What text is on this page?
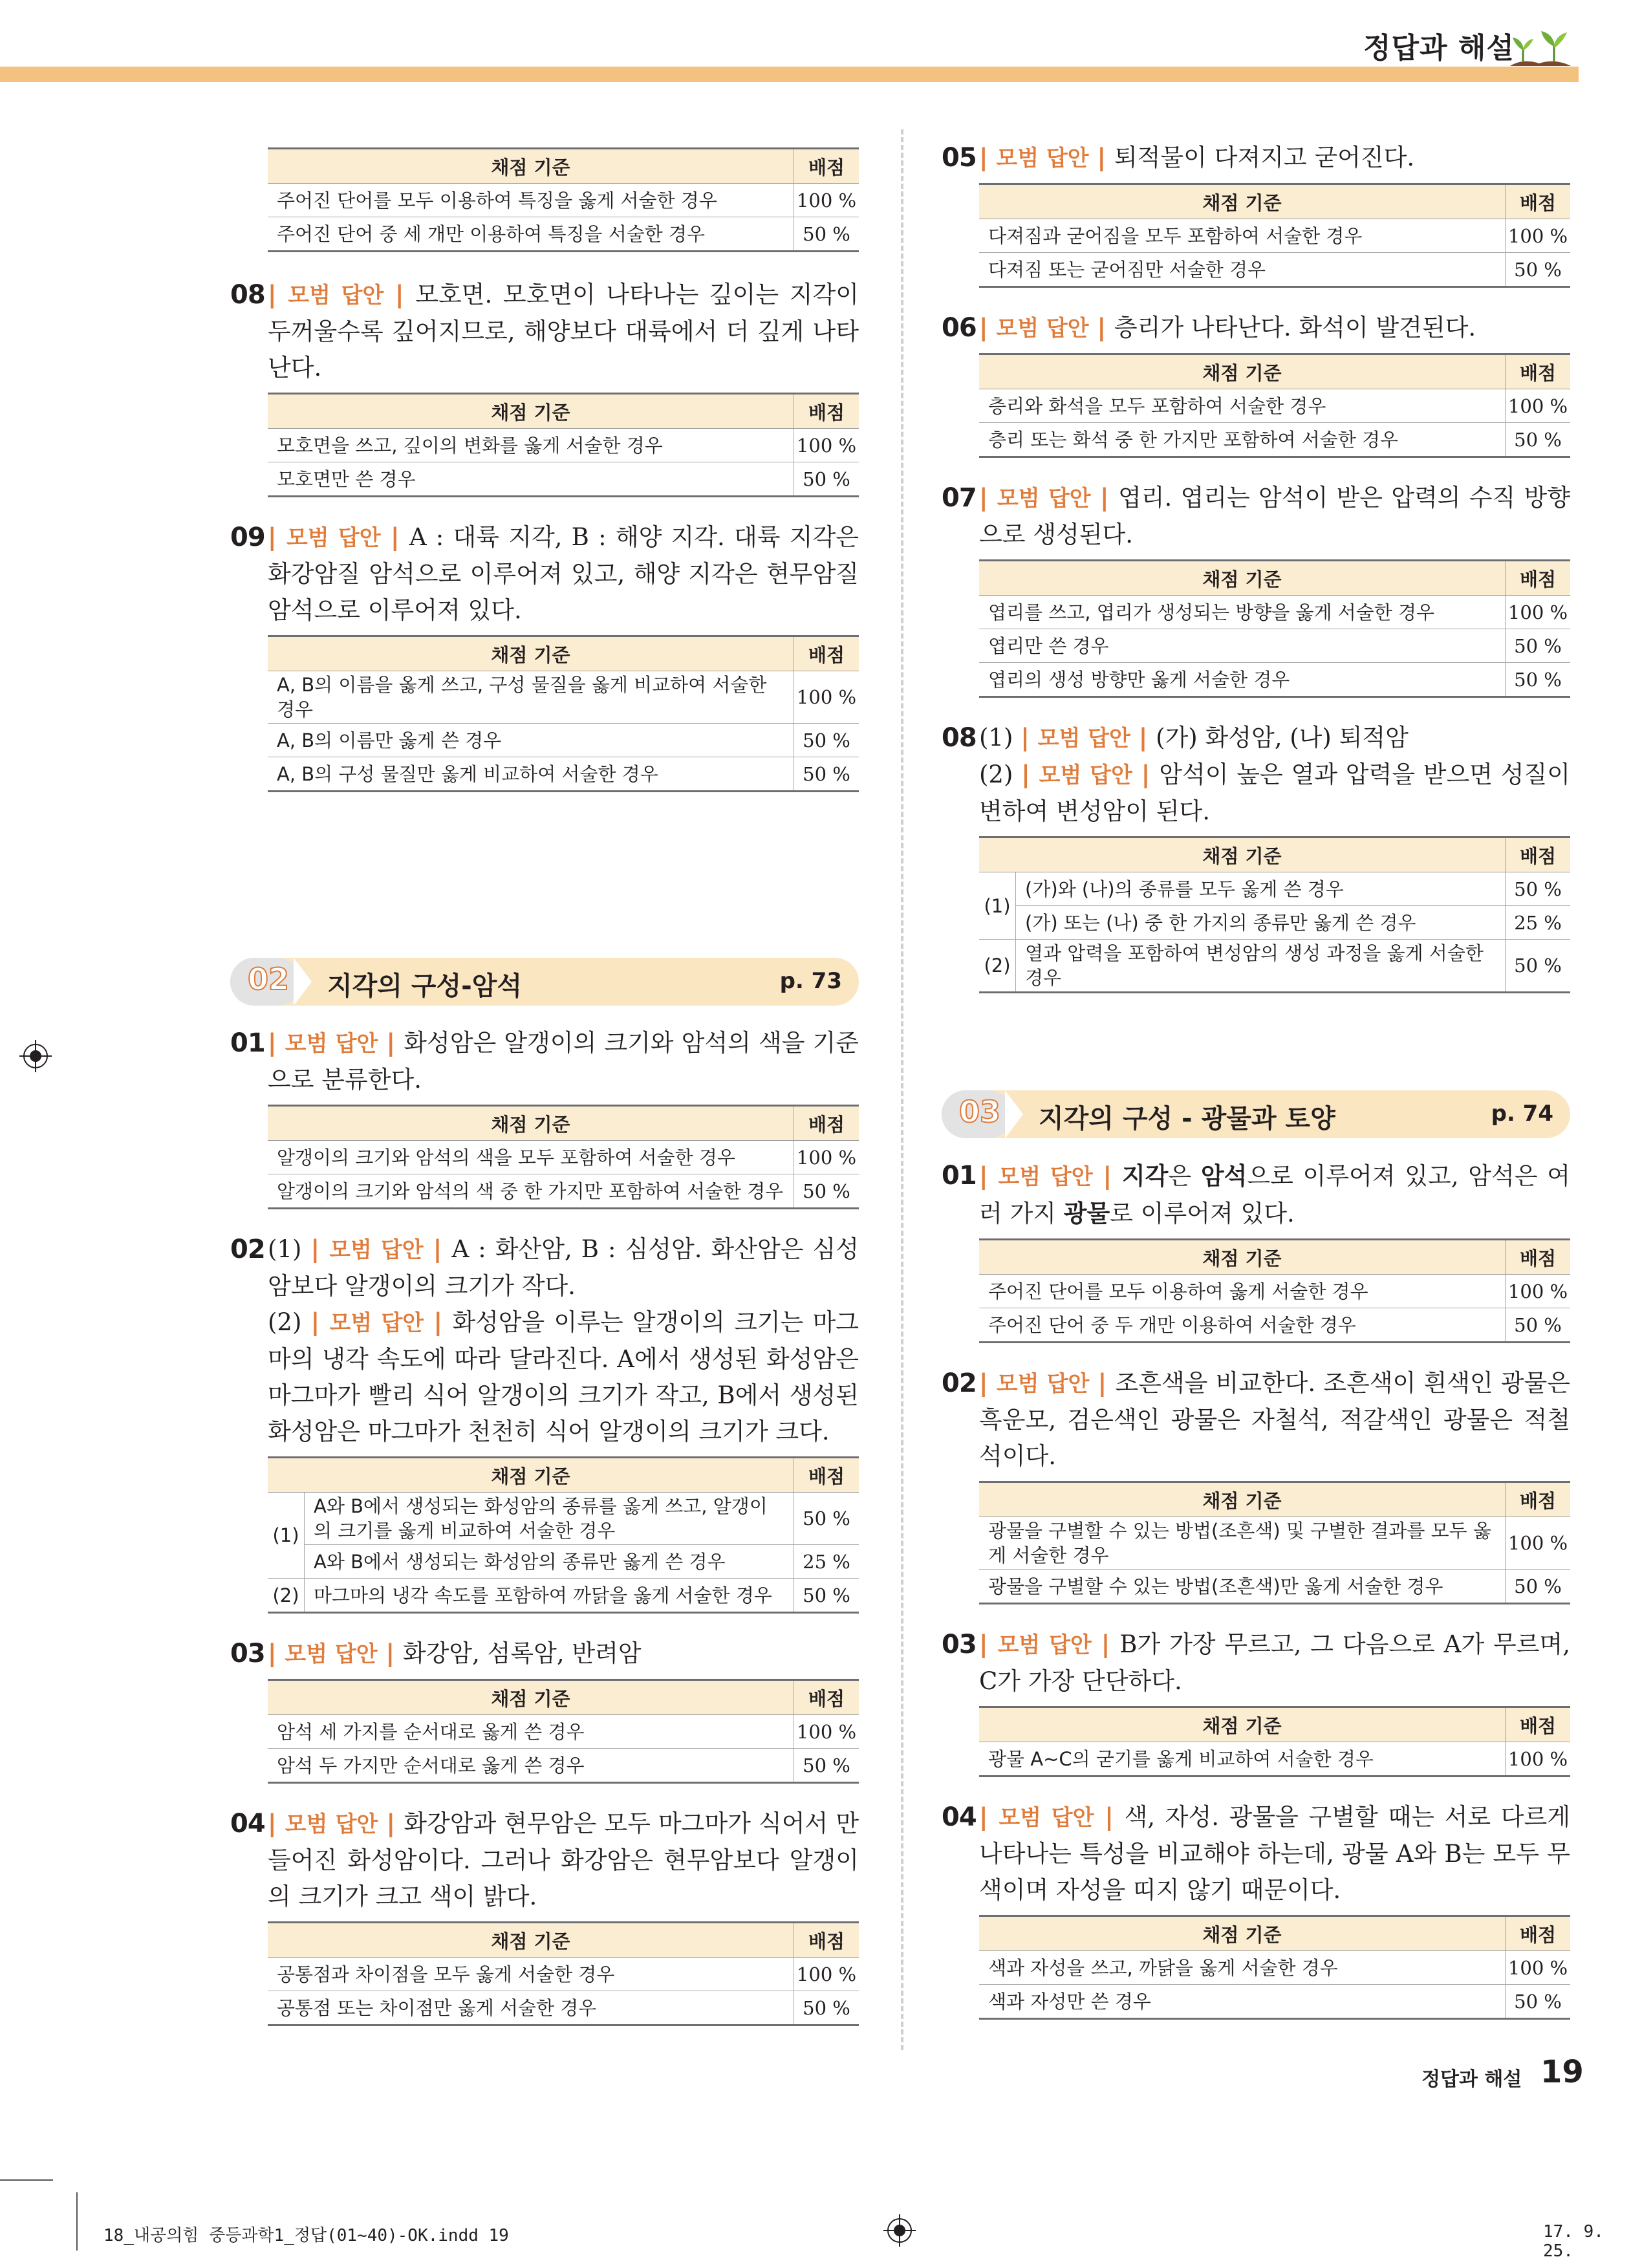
정답과 해설
채점 기준	배점
주어진 단어를 모두 이용하여 특징을 옳게 서술한 경우	100 %
주어진 단어 중 세 개만 이용하여 특징을 서술한 경우	50 %
08 | 모범 답안 | 모호면. 모호면이 나타나는 깊이는 지각이 두꺼울수록 깊어지므로, 해양보다 대륙에서 더 깊게 나타난다.
채점 기준	배점
모호면을 쓰고, 깊이의 변화를 옳게 서술한 경우	100 %
모호면만 쓴 경우	50 %
09 | 모범 답안 | A : 대륙 지각, B : 해양 지각. 대륙 지각은 화강암질 암석으로 이루어져 있고, 해양 지각은 현무암질 암석으로 이루어져 있다.
채점 기준	배점
A, B의 이름을 옳게 쓰고, 구성 물질을 옳게 비교하여 서술한 경우	100 %
A, B의 이름만 옳게 쓴 경우	50 %
A, B의 구성 물질만 옳게 비교하여 서술한 경우	50 %
02	지각의 구성-암석	p. 73
01 | 모범 답안 | 화성암은 알갱이의 크기와 암석의 색을 기준으로 분류한다.
채점 기준	배점
알갱이의 크기와 암석의 색을 모두 포함하여 서술한 경우	100 %
알갱이의 크기와 암석의 색 중 한 가지만 포함하여 서술한 경우	50 %
02 (1) | 모범 답안 | A : 화산암, B : 심성암. 화산암은 심성암보다 알갱이의 크기가 작다.
(2) | 모범 답안 | 화성암을 이루는 알갱이의 크기는 마그마의 냉각 속도에 따라 달라진다. A에서 생성된 화성암은 마그마가 빨리 식어 알갱이의 크기가 작고, B에서 생성된 화성암은 마그마가 천천히 식어 알갱이의 크기가 크다.
채점 기준		배점
(1)	A와 B에서 생성되는 화성암의 종류를 옳게 쓰고, 알갱이의 크기를 옳게 비교하여 서술한 경우	50 %
	A와 B에서 생성되는 화성암의 종류만 옳게 쓴 경우	25 %
(2)	마그마의 냉각 속도를 포함하여 까닭을 옳게 서술한 경우	50 %
03 | 모범 답안 | 화강암, 섬록암, 반려암
채점 기준	배점
암석 세 가지를 순서대로 옳게 쓴 경우	100 %
암석 두 가지만 순서대로 옳게 쓴 경우	50 %
04 | 모범 답안 | 화강암과 현무암은 모두 마그마가 식어서 만들어진 화성암이다. 그러나 화강암은 현무암보다 알갱이의 크기가 크고 색이 밝다.
채점 기준	배점
공통점과 차이점을 모두 옳게 서술한 경우	100 %
공통점 또는 차이점만 옳게 서술한 경우	50 %
05 | 모범 답안 | 퇴적물이 다져지고 굳어진다.
채점 기준	배점
다져짐과 굳어짐을 모두 포함하여 서술한 경우	100 %
다져짐 또는 굳어짐만 서술한 경우	50 %
06 | 모범 답안 | 층리가 나타난다. 화석이 발견된다.
채점 기준	배점
층리와 화석을 모두 포함하여 서술한 경우	100 %
층리 또는 화석 중 한 가지만 포함하여 서술한 경우	50 %
07 | 모범 답안 | 엽리. 엽리는 암석이 받은 압력의 수직 방향으로 생성된다.
채점 기준	배점
엽리를 쓰고, 엽리가 생성되는 방향을 옳게 서술한 경우	100 %
엽리만 쓴 경우	50 %
엽리의 생성 방향만 옳게 서술한 경우	50 %
08 (1) | 모범 답안 | (가) 화성암, (나) 퇴적암
(2) | 모범 답안 | 암석이 높은 열과 압력을 받으면 성질이 변하여 변성암이 된다.
채점 기준		배점
(1)	(가)와 (나)의 종류를 모두 옳게 쓴 경우	50 %
	(가) 또는 (나) 중 한 가지의 종류만 옳게 쓴 경우	25 %
(2)	열과 압력을 포함하여 변성암의 생성 과정을 옳게 서술한 경우	50 %
03	지각의 구성 - 광물과 토양	p. 74
01 | 모범 답안 | 지각은 암석으로 이루어져 있고, 암석은 여러 가지 광물로 이루어져 있다.
채점 기준	배점
주어진 단어를 모두 이용하여 옳게 서술한 경우	100 %
주어진 단어 중 두 개만 이용하여 서술한 경우	50 %
02 | 모범 답안 | 조흔색을 비교한다. 조흔색이 흰색인 광물은 흑운모, 검은색인 광물은 자철석, 적갈색인 광물은 적철석이다.
채점 기준	배점
광물을 구별할 수 있는 방법(조흔색) 및 구별한 결과를 모두 옳게 서술한 경우	100 %
광물을 구별할 수 있는 방법(조흔색)만 옳게 서술한 경우	50 %
03 | 모범 답안 | B가 가장 무르고, 그 다음으로 A가 무르며, C가 가장 단단하다.
채점 기준	배점
광물 A~C의 굳기를 옳게 비교하여 서술한 경우	100 %
04 | 모범 답안 | 색, 자성. 광물을 구별할 때는 서로 다르게 나타나는 특성을 비교해야 하는데, 광물 A와 B는 모두 무색이며 자성을 띠지 않기 때문이다.
채점 기준	배점
색과 자성을 쓰고, 까닭을 옳게 서술한 경우	100 %
색과 자성만 쓴 경우	50 %
정답과 해설 19
18_내공의힘 중등과학1_정답(01~40)-OK.indd 19	17. 9. 25.
